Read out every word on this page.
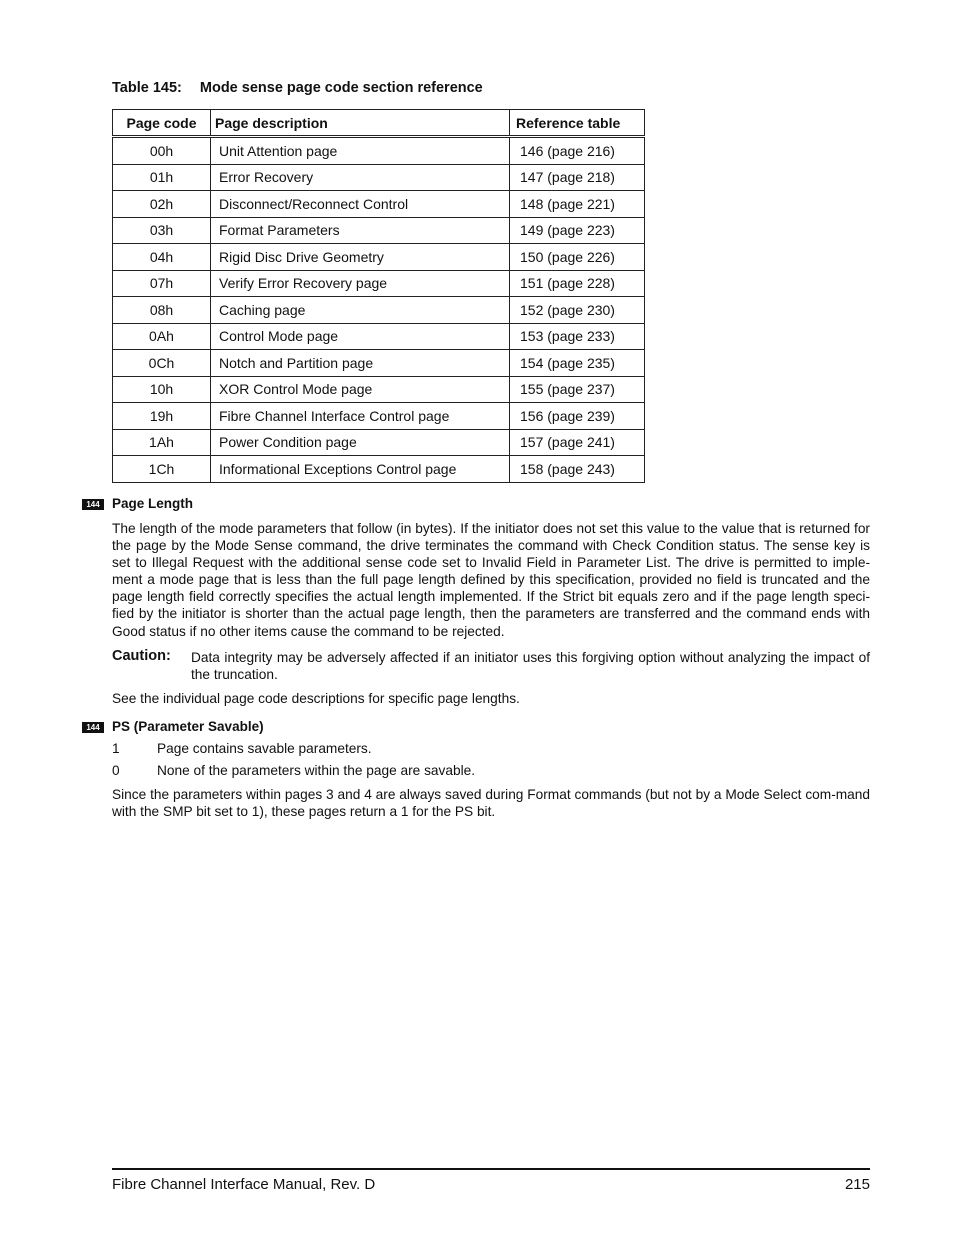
Table 145: Mode sense page code section reference
Page code	Page description	Reference table
00h	Unit Attention page	146 (page 216)
01h	Error Recovery	147 (page 218)
02h	Disconnect/Reconnect Control	148 (page 221)
03h	Format Parameters	149 (page 223)
04h	Rigid Disc Drive Geometry	150 (page 226)
07h	Verify Error Recovery page	151 (page 228)
08h	Caching page	152 (page 230)
0Ah	Control Mode page	153 (page 233)
0Ch	Notch and Partition page	154 (page 235)
10h	XOR Control Mode page	155 (page 237)
19h	Fibre Channel Interface Control page	156 (page 239)
1Ah	Power Condition page	157 (page 241)
1Ch	Informational Exceptions Control page	158 (page 243)
144 Page Length
The length of the mode parameters that follow (in bytes). If the initiator does not set this value to the value that is returned for the page by the Mode Sense command, the drive terminates the command with Check Condition status. The sense key is set to Illegal Request with the additional sense code set to Invalid Field in Parameter List. The drive is permitted to imple-ment a mode page that is less than the full page length defined by this specification, provided no field is truncated and the page length field correctly specifies the actual length implemented. If the Strict bit equals zero and if the page length speci-fied by the initiator is shorter than the actual page length, then the parameters are transferred and the command ends with Good status if no other items cause the command to be rejected.
Caution: Data integrity may be adversely affected if an initiator uses this forgiving option without analyzing the impact of the truncation.
See the individual page code descriptions for specific page lengths.
144 PS (Parameter Savable)
1	Page contains savable parameters.
0	None of the parameters within the page are savable.
Since the parameters within pages 3 and 4 are always saved during Format commands (but not by a Mode Select com-mand with the SMP bit set to 1), these pages return a 1 for the PS bit.
Fibre Channel Interface Manual, Rev. D	215
